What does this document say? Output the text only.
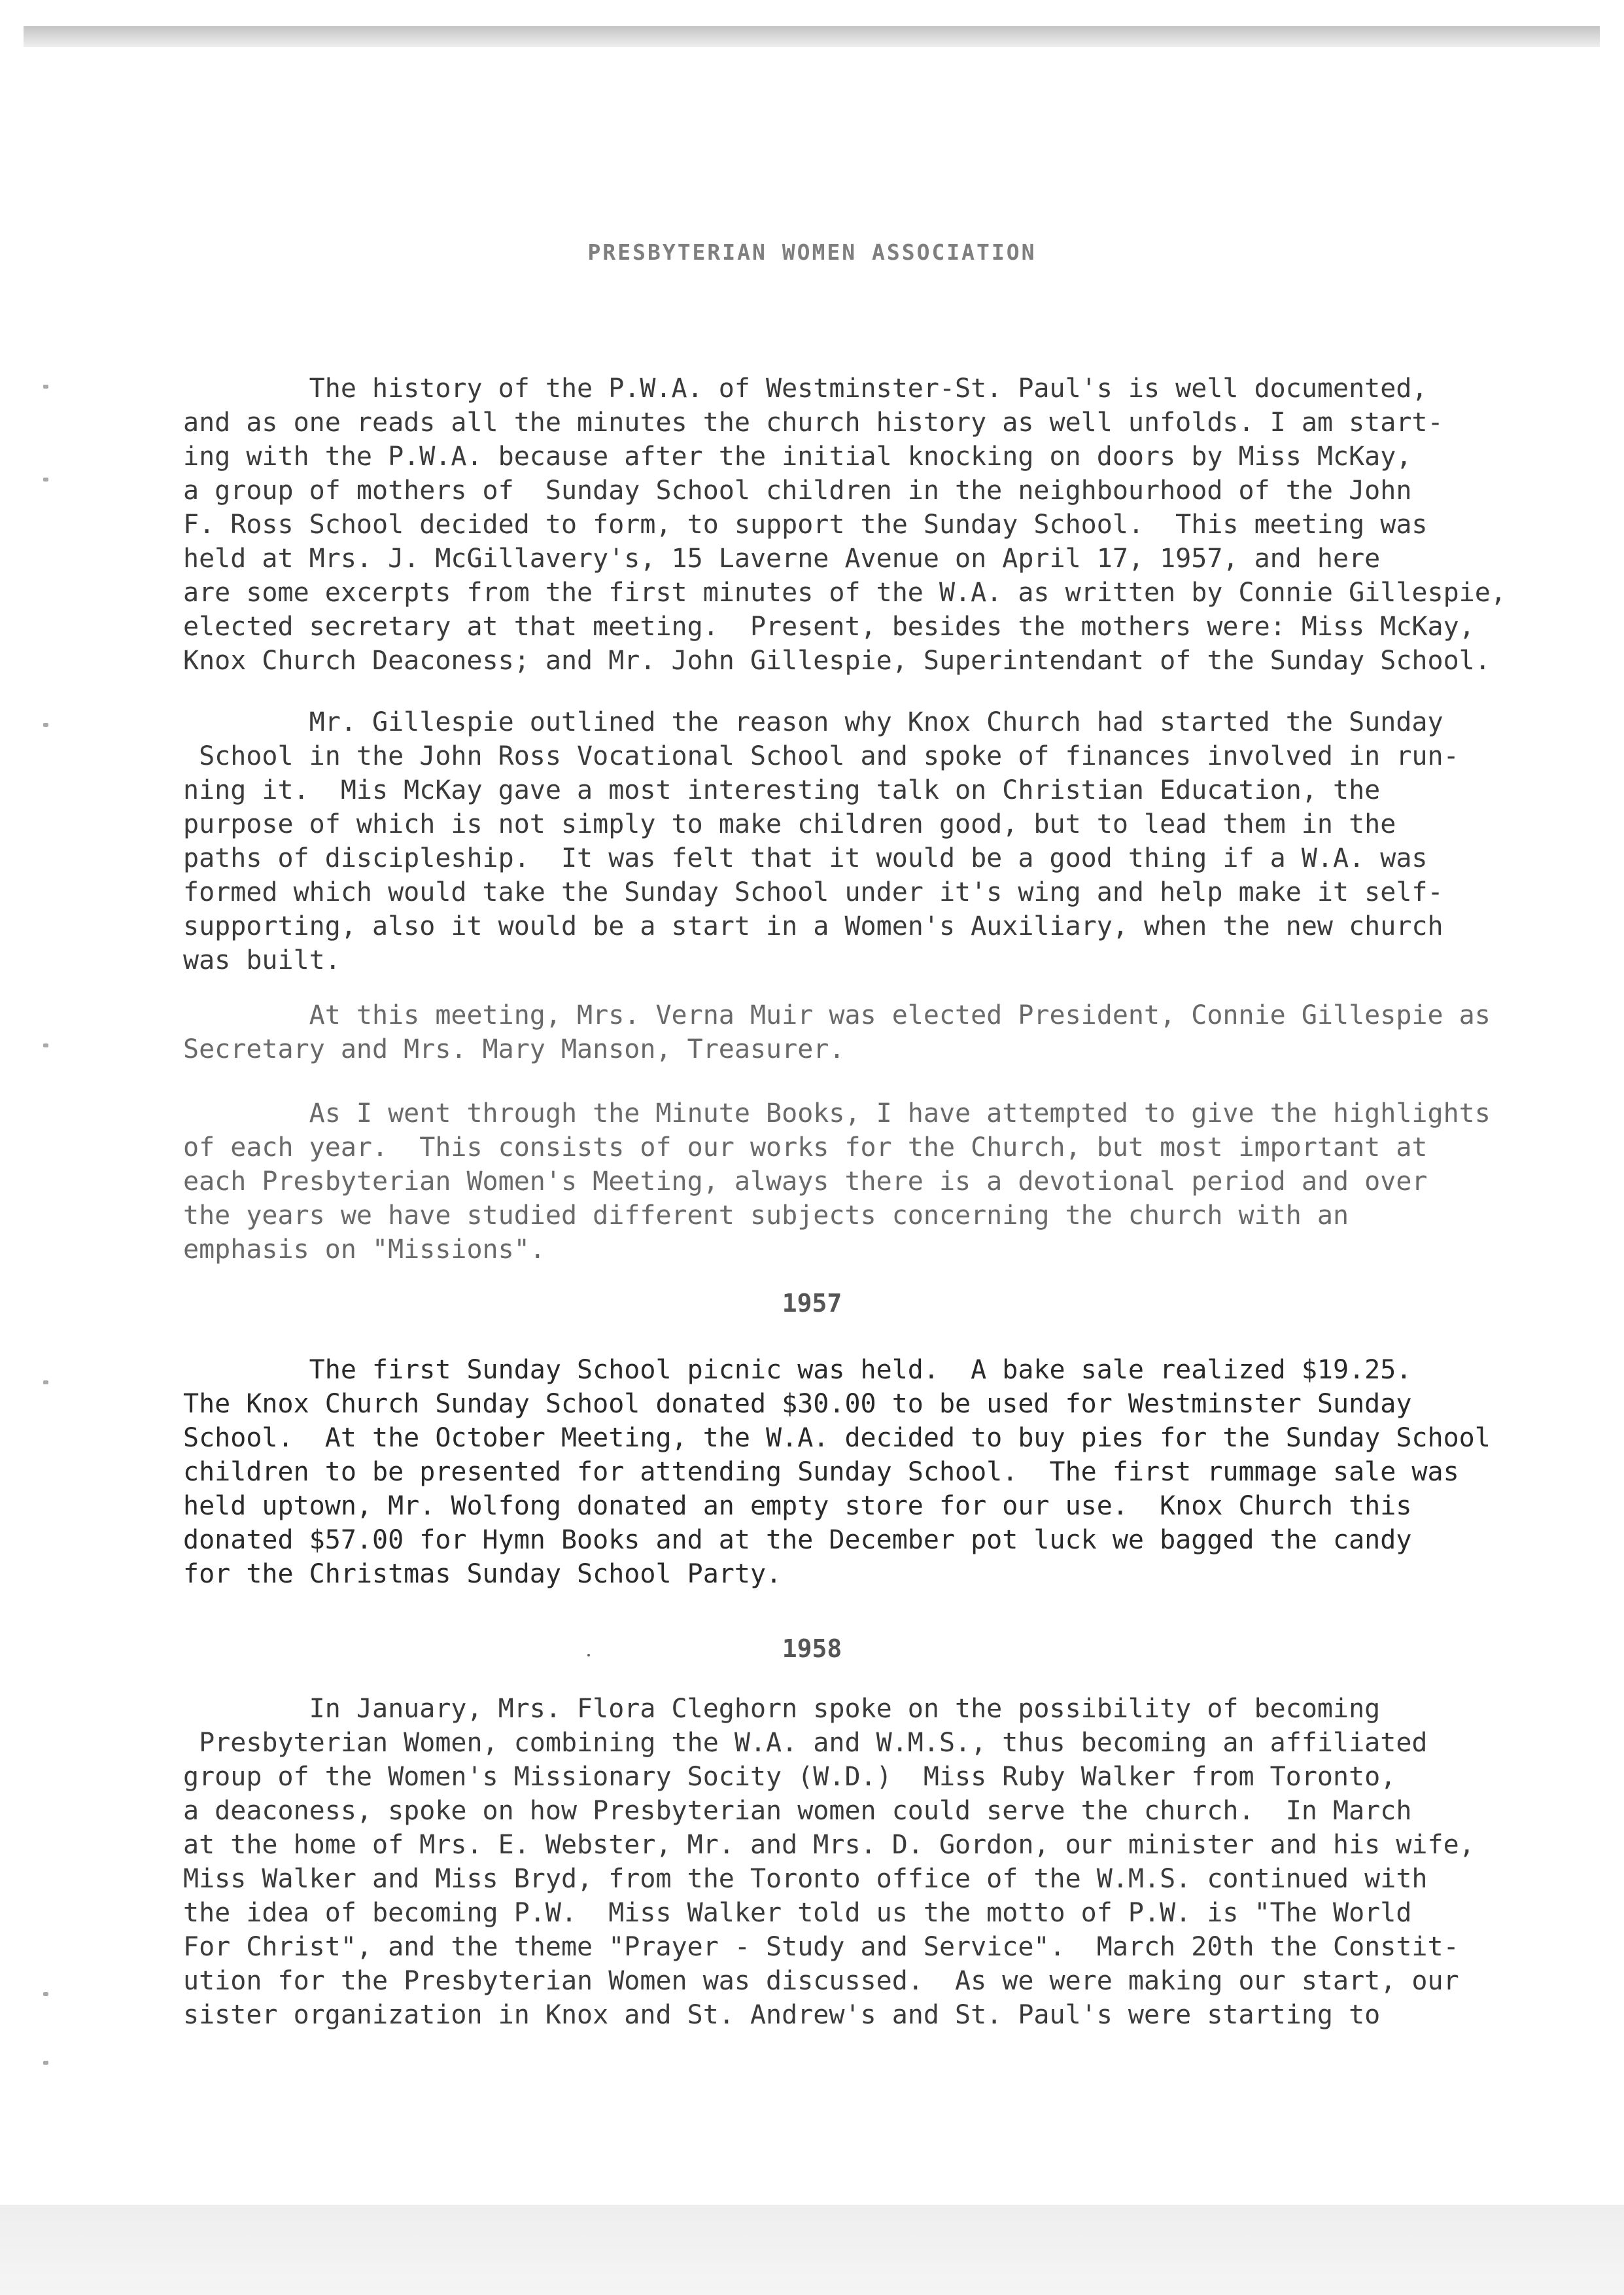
PRESBYTERIAN WOMEN ASSOCIATION

The history of the P.W.A. of Westminster-St. Paul's is well documented,
and as one reads all the minutes the church history as well unfolds. I am start-
ing with the P.W.A. because after the initial knocking on doors by Miss McKay,
a group of mothers of  Sunday School children in the neighbourhood of the John
F. Ross School decided to form, to support the Sunday School.  This meeting was
held at Mrs. J. McGillavery's, 15 Laverne Avenue on April 17, 1957, and here
are some excerpts from the first minutes of the W.A. as written by Connie Gillespie,
elected secretary at that meeting.  Present, besides the mothers were: Miss McKay,
Knox Church Deaconess; and Mr. John Gillespie, Superintendant of the Sunday School.

Mr. Gillespie outlined the reason why Knox Church had started the Sunday
School in the John Ross Vocational School and spoke of finances involved in run-
ning it.  Mis McKay gave a most interesting talk on Christian Education, the
purpose of which is not simply to make children good, but to lead them in the
paths of discipleship.  It was felt that it would be a good thing if a W.A. was
formed which would take the Sunday School under it's wing and help make it self-
supporting, also it would be a start in a Women's Auxiliary, when the new church
was built.

At this meeting, Mrs. Verna Muir was elected President, Connie Gillespie as
Secretary and Mrs. Mary Manson, Treasurer.

As I went through the Minute Books, I have attempted to give the highlights
of each year.  This consists of our works for the Church, but most important at
each Presbyterian Women's Meeting, always there is a devotional period and over
the years we have studied different subjects concerning the church with an
emphasis on "Missions".

1957

The first Sunday School picnic was held.  A bake sale realized $19.25.
The Knox Church Sunday School donated $30.00 to be used for Westminster Sunday
School.  At the October Meeting, the W.A. decided to buy pies for the Sunday School
children to be presented for attending Sunday School.  The first rummage sale was
held uptown, Mr. Wolfong donated an empty store for our use.  Knox Church this
donated $57.00 for Hymn Books and at the December pot luck we bagged the candy
for the Christmas Sunday School Party.

1958

In January, Mrs. Flora Cleghorn spoke on the possibility of becoming
Presbyterian Women, combining the W.A. and W.M.S., thus becoming an affiliated
group of the Women's Missionary Socity (W.D.)  Miss Ruby Walker from Toronto,
a deaconess, spoke on how Presbyterian women could serve the church.  In March
at the home of Mrs. E. Webster, Mr. and Mrs. D. Gordon, our minister and his wife,
Miss Walker and Miss Bryd, from the Toronto office of the W.M.S. continued with
the idea of becoming P.W.  Miss Walker told us the motto of P.W. is "The World
For Christ", and the theme "Prayer - Study and Service".  March 20th the Constit-
ution for the Presbyterian Women was discussed.  As we were making our start, our
sister organization in Knox and St. Andrew's and St. Paul's were starting to
